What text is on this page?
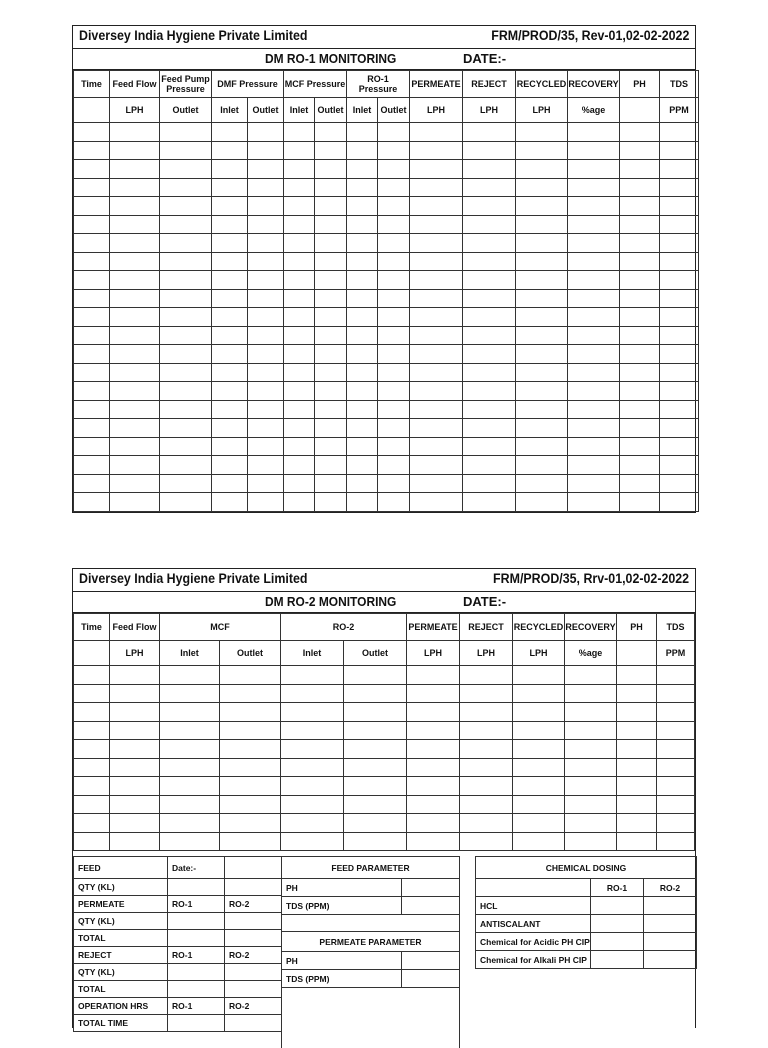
Diversey India Hygiene Private Limited	FRM/PROD/35, Rev-01,02-02-2022
DM RO-1 MONITORING	DATE:-
Time	Feed Flow	Feed Pump Pressure	DMF Pressure		MCF Pressure		RO-1 Pressure		PERMEATE	REJECT	RECYCLED	RECOVERY	PH	TDS
	LPH	Outlet	Inlet	Outlet	Inlet	Outlet	Inlet	Outlet	LPH	LPH	LPH	%age		PPM

Diversey India Hygiene Private Limited	FRM/PROD/35, Rrv-01,02-02-2022
DM RO-2 MONITORING	DATE:-
Time	Feed Flow	MCF		RO-2		PERMEATE	REJECT	RECYCLED	RECOVERY	PH	TDS
	LPH	Inlet	Outlet	Inlet	Outlet	LPH	LPH	LPH	%age		PPM

FEED	Date:-	
QTY (KL)		
PERMEATE	RO-1	RO-2
QTY (KL)		
TOTAL		
REJECT	RO-1	RO-2
QTY (KL)		
TOTAL		
OPERATION HRS	RO-1	RO-2
TOTAL TIME		
FEED PARAMETER	
PH	
TDS (PPM)	

PERMEATE PARAMETER	
PH	
TDS (PPM)	

CHEMICAL DOSING		
	RO-1	RO-2
HCL		
ANTISCALANT		
Chemical for Acidic PH CIP		
Chemical for Alkali PH CIP		
